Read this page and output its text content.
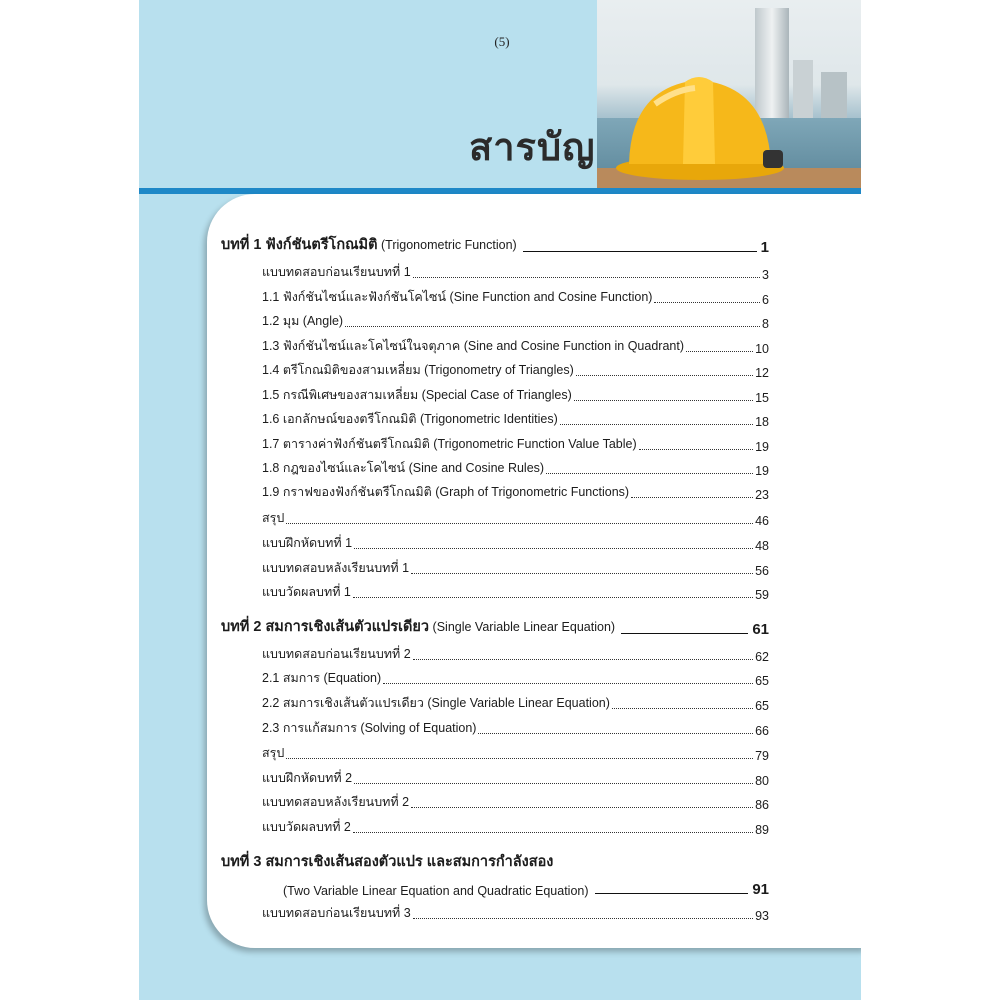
(5)
สารบัญ
บทที่ 1 ฟังก์ชันตรีโกณมิติ (Trigonometric Function)	1
แบบทดสอบก่อนเรียนบทที่ 1	3
1.1 ฟังก์ชันไซน์และฟังก์ชันโคไซน์ (Sine Function and Cosine Function)	6
1.2 มุม (Angle)	8
1.3 ฟังก์ชันไซน์และโคไซน์ในจตุภาค (Sine and Cosine Function in Quadrant)	10
1.4 ตรีโกณมิติของสามเหลี่ยม (Trigonometry of Triangles)	12
1.5 กรณีพิเศษของสามเหลี่ยม (Special Case of Triangles)	15
1.6 เอกลักษณ์ของตรีโกณมิติ (Trigonometric Identities)	18
1.7 ตารางค่าฟังก์ชันตรีโกณมิติ (Trigonometric Function Value Table)	19
1.8 กฎของไซน์และโคไซน์ (Sine and Cosine Rules)	19
1.9 กราฟของฟังก์ชันตรีโกณมิติ (Graph of Trigonometric Functions)	23
สรุป	46
แบบฝึกหัดบทที่ 1	48
แบบทดสอบหลังเรียนบทที่ 1	56
แบบวัดผลบทที่ 1	59
บทที่ 2 สมการเชิงเส้นตัวแปรเดียว (Single Variable Linear Equation)	61
แบบทดสอบก่อนเรียนบทที่ 2	62
2.1 สมการ (Equation)	65
2.2 สมการเชิงเส้นตัวแปรเดียว (Single Variable Linear Equation)	65
2.3 การแก้สมการ (Solving of Equation)	66
สรุป	79
แบบฝึกหัดบทที่ 2	80
แบบทดสอบหลังเรียนบทที่ 2	86
แบบวัดผลบทที่ 2	89
บทที่ 3 สมการเชิงเส้นสองตัวแปร และสมการกำลังสอง
(Two Variable Linear Equation and Quadratic Equation)	91
แบบทดสอบก่อนเรียนบทที่ 3	93
